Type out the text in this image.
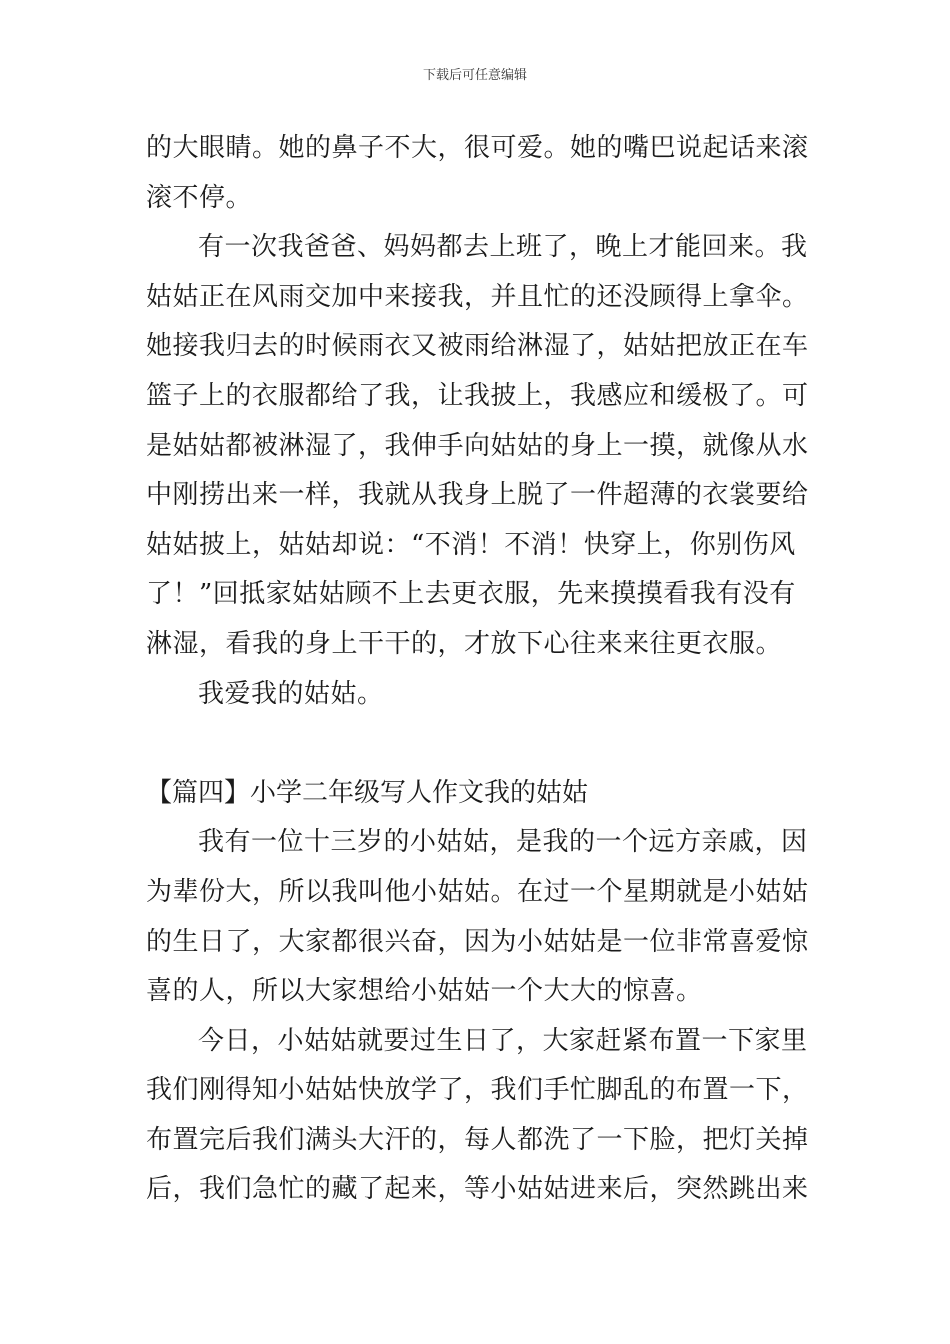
下载后可任意编辑
的大眼睛。她的鼻子不大，很可爱。她的嘴巴说起话来滚
滚不停。
有一次我爸爸、妈妈都去上班了，晚上才能回来。我
姑姑正在风雨交加中来接我，并且忙的还没顾得上拿伞。
她接我归去的时候雨衣又被雨给淋湿了，姑姑把放正在车
篮子上的衣服都给了我，让我披上，我感应和缓极了。可
是姑姑都被淋湿了，我伸手向姑姑的身上一摸，就像从水
中刚捞出来一样，我就从我身上脱了一件超薄的衣裳要给
姑姑披上，姑姑却说：“不消！不消！快穿上，你别伤风
了！”回抵家姑姑顾不上去更衣服，先来摸摸看我有没有
淋湿，看我的身上干干的，才放下心往来来往更衣服。
我爱我的姑姑。
【篇四】小学二年级写人作文我的姑姑
我有一位十三岁的小姑姑，是我的一个远方亲戚，因
为辈份大，所以我叫他小姑姑。在过一个星期就是小姑姑
的生日了，大家都很兴奋，因为小姑姑是一位非常喜爱惊
喜的人，所以大家想给小姑姑一个大大的惊喜。
今日，小姑姑就要过生日了，大家赶紧布置一下家里
我们刚得知小姑姑快放学了，我们手忙脚乱的布置一下，
布置完后我们满头大汗的，每人都洗了一下脸，把灯关掉
后，我们急忙的藏了起来，等小姑姑进来后，突然跳出来
